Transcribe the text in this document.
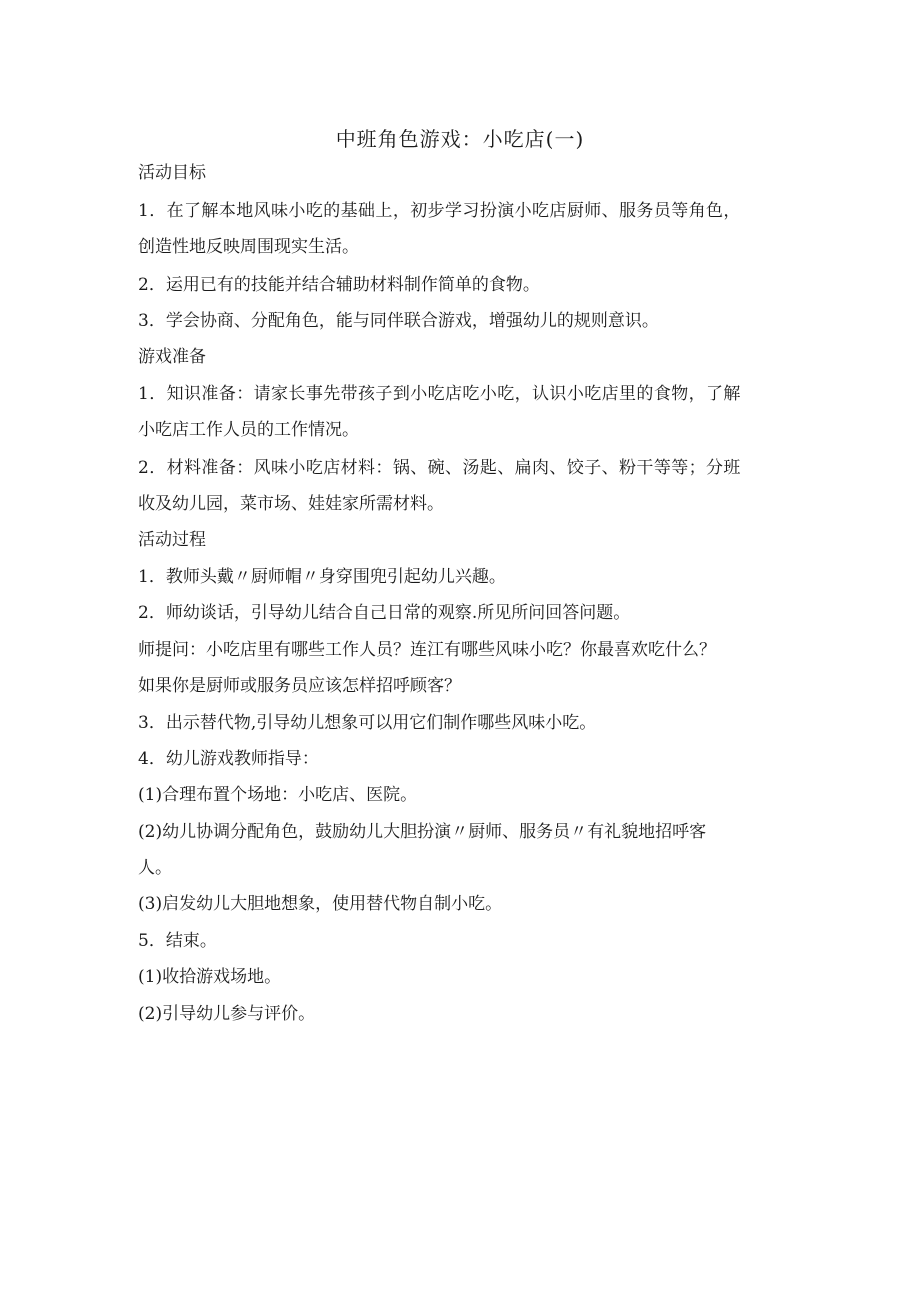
中班角色游戏：小吃店(一)
活动目标
1．在了解本地风味小吃的基础上，初步学习扮演小吃店厨师、服务员等角色，
创造性地反映周围现实生活。
2．运用已有的技能并结合辅助材料制作简单的食物。
3．学会协商、分配角色，能与同伴联合游戏，增强幼儿的规则意识。
游戏准备
1．知识准备：请家长事先带孩子到小吃店吃小吃，认识小吃店里的食物，了解
小吃店工作人员的工作情况。
2．材料准备：风味小吃店材料：锅、碗、汤匙、扁肉、饺子、粉干等等；分班
收及幼儿园，菜市场、娃娃家所需材料。
活动过程
1．教师头戴〃厨师帽〃身穿围兜引起幼儿兴趣。
2．师幼谈话，引导幼儿结合自己日常的观察.所见所问回答问题。
师提问：小吃店里有哪些工作人员？连江有哪些风味小吃？你最喜欢吃什么？
如果你是厨师或服务员应该怎样招呼顾客？
3．出示替代物,引导幼儿想象可以用它们制作哪些风味小吃。
4．幼儿游戏教师指导：
(1)合理布置个场地：小吃店、医院。
(2)幼儿协调分配角色，鼓励幼儿大胆扮演〃厨师、服务员〃有礼貌地招呼客
人。
(3)启发幼儿大胆地想象，使用替代物自制小吃。
5．结束。
(1)收拾游戏场地。
(2)引导幼儿参与评价。
